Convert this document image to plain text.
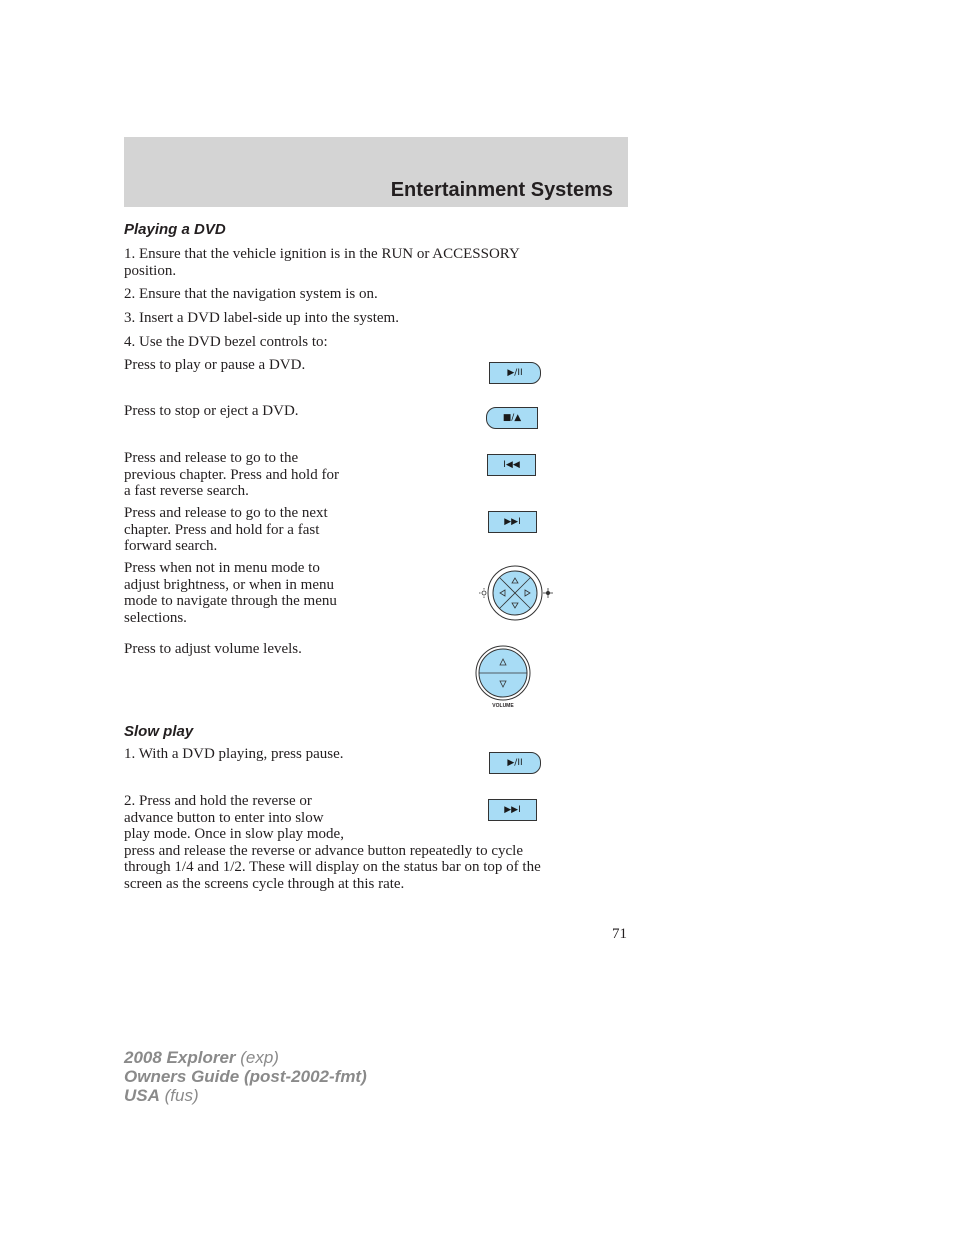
Entertainment Systems
Playing a DVD
1. Ensure that the vehicle ignition is in the RUN or ACCESSORY
position.
2. Ensure that the navigation system is on.
3. Insert a DVD label-side up into the system.
4. Use the DVD bezel controls to:
Press to play or pause a DVD.
Press to stop or eject a DVD.
Press and release to go to the
previous chapter. Press and hold for
a fast reverse search.
Press and release to go to the next
chapter. Press and hold for a fast
forward search.
Press when not in menu mode to
adjust brightness, or when in menu
mode to navigate through the menu
selections.
Press to adjust volume levels.
▶/II
■/▲
I◀◀
▶▶I
VOLUME
Slow play
1. With a DVD playing, press pause.
▶/II
2. Press and hold the reverse or
advance button to enter into slow
play mode. Once in slow play mode,
press and release the reverse or advance button repeatedly to cycle
through 1/4 and 1/2. These will display on the status bar on top of the
screen as the screens cycle through at this rate.
▶▶I
71
2008 Explorer (exp)
Owners Guide (post-2002-fmt)
USA (fus)
